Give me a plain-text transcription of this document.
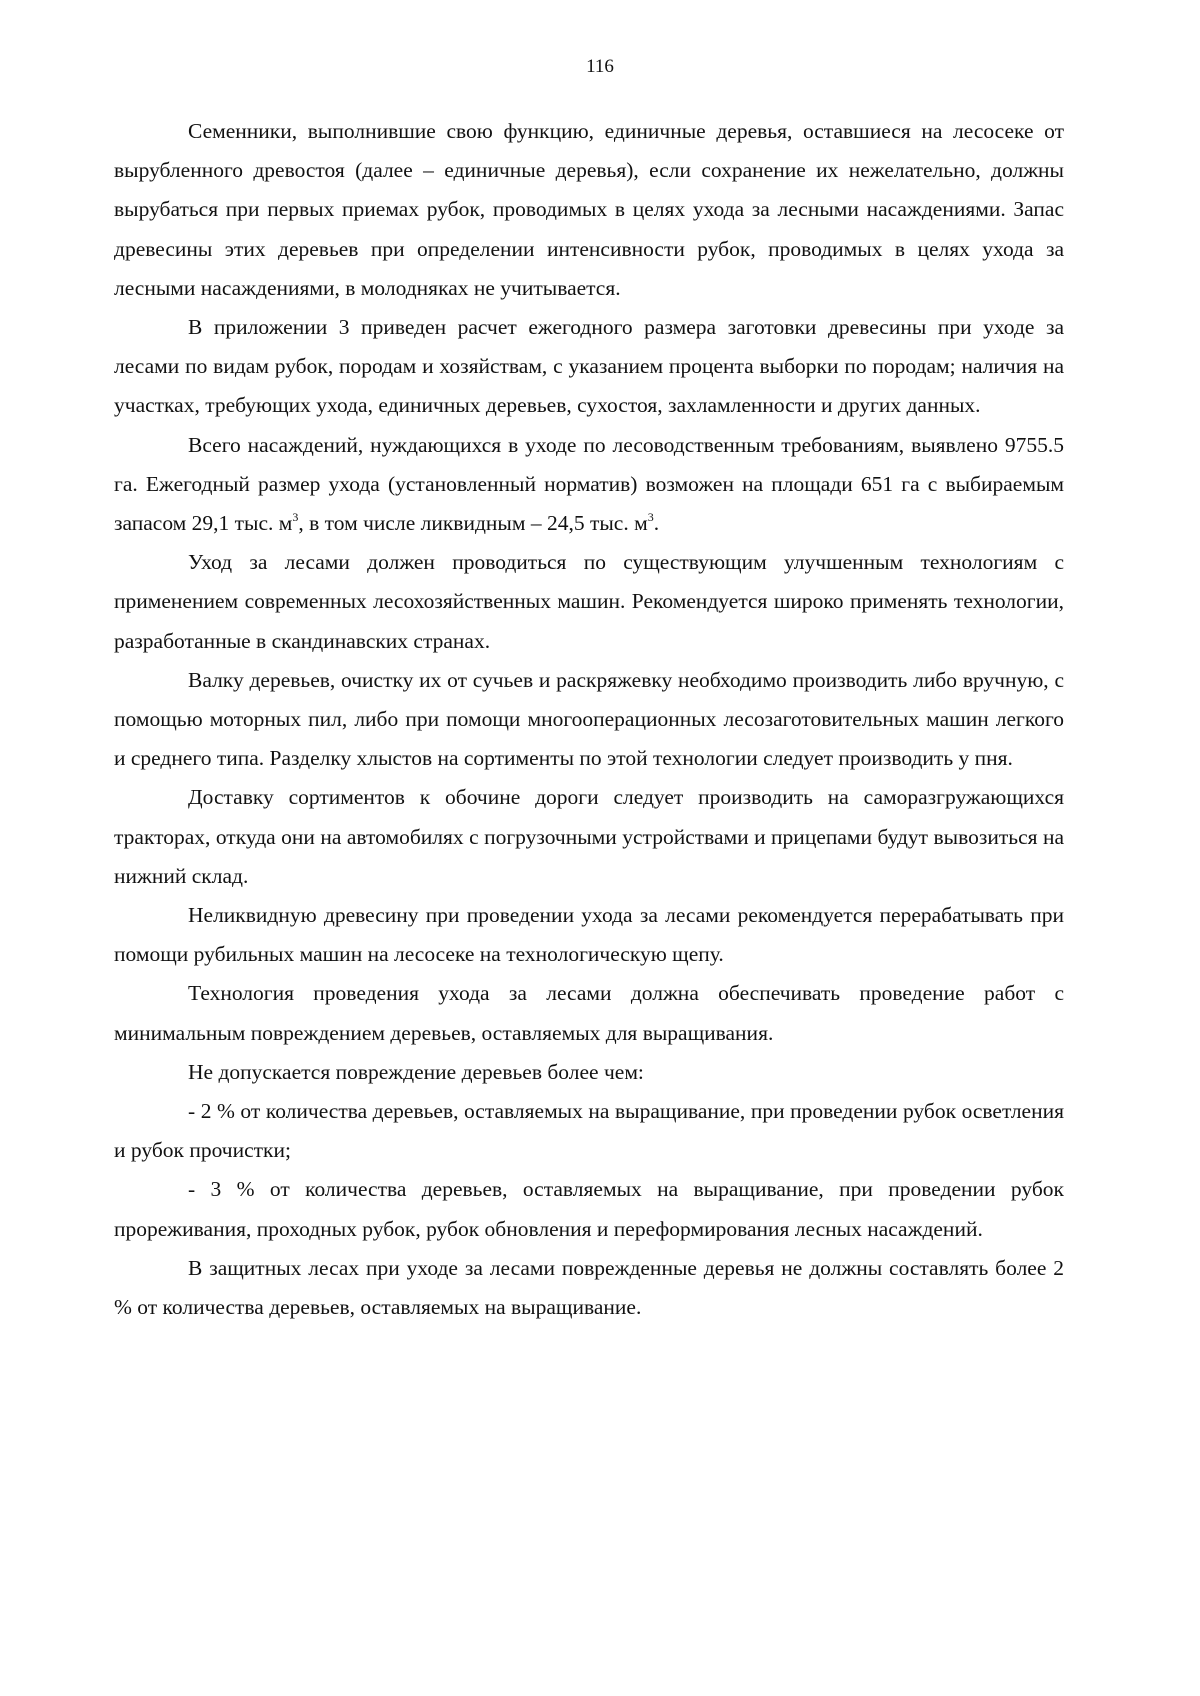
116

Семенники, выполнившие свою функцию, единичные деревья, оставшиеся на лесосеке от вырубленного древостоя (далее – единичные деревья), если сохранение их нежелательно, должны вырубаться при первых приемах рубок, проводимых в целях ухода за лесными насаждениями. Запас древесины этих деревьев при определении интенсивности рубок, проводимых в целях ухода за лесными насаждениями, в молодняках не учитывается.

В приложении 3 приведен расчет ежегодного размера заготовки древесины при уходе за лесами по видам рубок, породам и хозяйствам, с указанием процента выборки по породам; наличия на участках, требующих ухода, единичных деревьев, сухостоя, захламленности и других данных.

Всего насаждений, нуждающихся в уходе по лесоводственным требованиям, выявлено 9755.5 га. Ежегодный размер ухода (установленный норматив) возможен на площади 651 га с выбираемым запасом 29,1 тыс. $м^3$, в том числе ликвидным – 24,5 тыс. $м^3$.

Уход за лесами должен проводиться по существующим улучшенным технологиям с применением современных лесохозяйственных машин. Рекомендуется широко применять технологии, разработанные в скандинавских странах.

Валку деревьев, очистку их от сучьев и раскряжевку необходимо производить либо вручную, с помощью моторных пил, либо при помощи многооперационных лесозаготовительных машин легкого и среднего типа. Разделку хлыстов на сортименты по этой технологии следует производить у пня.

Доставку сортиментов к обочине дороги следует производить на саморазгружающихся тракторах, откуда они на автомобилях с погрузочными устройствами и прицепами будут вывозиться на нижний склад.

Неликвидную древесину при проведении ухода за лесами рекомендуется перерабатывать при помощи рубильных машин на лесосеке на технологическую щепу.

Технология проведения ухода за лесами должна обеспечивать проведение работ с минимальным повреждением деревьев, оставляемых для выращивания.

Не допускается повреждение деревьев более чем:

- 2 % от количества деревьев, оставляемых на выращивание, при проведении рубок осветления и рубок прочистки;

- 3 % от количества деревьев, оставляемых на выращивание, при проведении рубок прореживания, проходных рубок, рубок обновления и переформирования лесных насаждений.

В защитных лесах при уходе за лесами поврежденные деревья не должны составлять более 2 % от количества деревьев, оставляемых на выращивание.
